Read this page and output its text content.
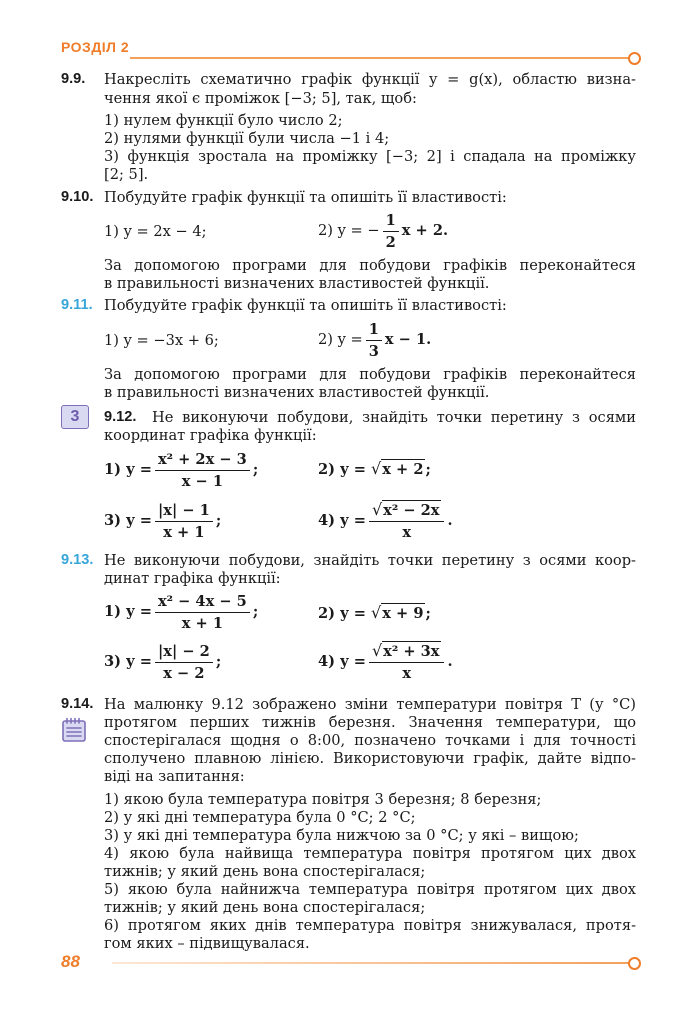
РОЗДІЛ 2
9.9. Накресліть схематично графік функції y = g(x), областю визна-
чення якої є проміжок [−3; 5], так, щоб:
1) нулем функції було число 2;
2) нулями функції були числа −1 і 4;
3) функція зростала на проміжку [−3; 2] і спадала на проміжку
[2; 5].
9.10. Побудуйте графік функції та опишіть її властивості:
1) y = 2x − 4;	2) y = − $\frac{1}{2}$ x + 2.
За допомогою програми для побудови графіків переконайтеся
в правильності визначених властивостей функції.
9.11. Побудуйте графік функції та опишіть її властивості:
1) y = −3x + 6;	2) $y = \frac{1}{3}$ x − 1.
За допомогою програми для побудови графіків переконайтеся
в правильності визначених властивостей функції.
3	9.12. Не виконуючи побудови, знайдіть точки перетину з осями
координат графіка функції:
1) $y = \frac{\text{x² + 2x − 3}}{x - 1}$ ;	2) y = √x + 2 ;
3) $y = \frac{|x| - 1}{x + 1}$ ;	4) $y = \frac{\text{√x² − 2x}}{x}$ .
9.13. Не виконуючи побудови, знайдіть точки перетину з осями коор-
динат графіка функції:
1) $y = \frac{\text{x² − 4x − 5}}{x + 1}$ ;	2) y = √x + 9 ;
3) $y = \frac{|x| - 2}{x - 2}$ ;	4) $y = \frac{\text{√x² + 3x}}{x}$ .
9.14. На малюнку 9.12 зображено зміни температури повітря T (у °С)
протягом перших тижнів березня. Значення температури, що
спостерігалася щодня о 8:00, позначено точками і для точності
сполучено плавною лінією. Використовуючи графік, дайте відпо-
віді на запитання:
1) якою була температура повітря 3 березня; 8 березня;
2) у які дні температура була 0 °С; 2 °С;
3) у які дні температура була нижчою за 0 °С; у які – вищою;
4) якою була найвища температура повітря протягом цих двох
тижнів; у який день вона спостерігалася;
5) якою була найнижча температура повітря протягом цих двох
тижнів; у який день вона спостерігалася;
6) протягом яких днів температура повітря знижувалася, протя-
гом яких – підвищувалася.
88
